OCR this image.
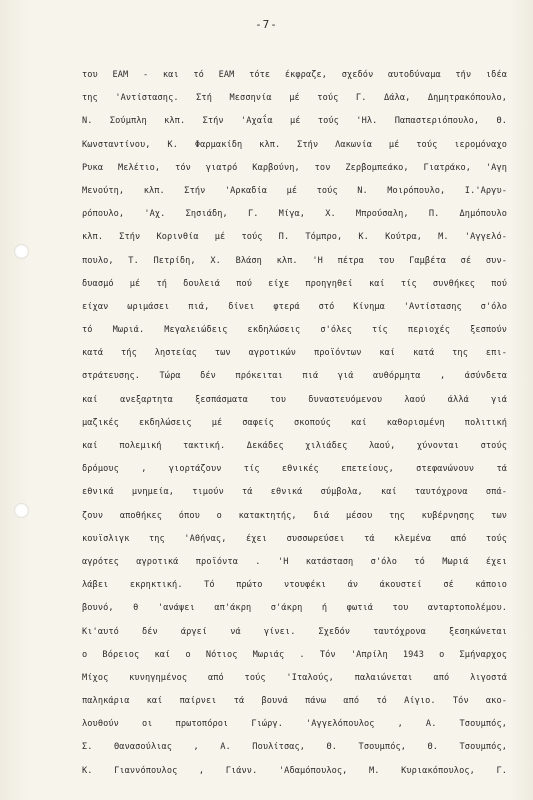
-7-
του ΕΑΜ - και τό ΕΑΜ τότε έκφραζε, σχεδόν αυτοδύναμα τήν ιδέα
της 'Αντίστασης. Στή Μεσσηνία μέ τούς Γ. Δάλα, Δημητρακόπουλο,
Ν. Σούμπλη κλπ. Στήν 'Αχαΐα μέ τούς 'Ηλ. Παπαστεριόπουλο, Θ.
Κωνσταντίνου, Κ. Φαρμακίδη κλπ. Στήν Λακωνία μέ τούς ιερομόναχο
Ρυκα Μελέτιο, τόν γιατρό Καρβούνη, τον Ζερβομπεάκο, Γιατράκο, 'Αγη
Μενούτη, κλπ. Στήν 'Αρκαδία μέ τούς Ν. Μοιρόπουλο, Ι.'Αργυ-
ρόπουλο, 'Αχ. Σησιάδη, Γ. Μίγα, Χ. Μπρούσαλη, Π. Δημόπουλο
κλπ. Στήν Κορινθία μέ τούς Π. Τόμπρο, Κ. Κούτρα, Μ. 'Αγγελό-
πουλο, Τ. Πετρίδη, Χ. Βλάση κλπ. 'Η πέτρα του Γαμβέτα σέ συν-
δυασμό μέ τή δουλειά πού είχε προηγηθεί καί τίς συνθήκες πού
είχαν ωριμάσει πιά, δίνει φτερά στό Κίνημα 'Αντίστασης σ'όλο
τό Μωριά. Μεγαλειώδεις εκδηλώσεις σ'όλες τίς περιοχές ξεσπούν
κατά τής ληστείας των αγροτικών προϊόντων καί κατά της επι-
στράτευσης. Τώρα δέν πρόκειται πιά γιά αυθόρμητα , άσύνδετα
καί ανεξαρτητα ξεσπάσματα του δυναστευόμενου λαού άλλά γιά
μαζικές εκδηλώσεις μέ σαφείς σκοπούς καί καθορισμένη πολιτική
καί πολεμική τακτική. Δεκάδες χιλιάδες λαού, χύνονται στούς
δρόμους , γιορτάζουν τίς εθνικές επετείους, στεφανώνουν τά
εθνικά μνημεία, τιμούν τά εθνικά σύμβολα, καί ταυτόχρονα σπά-
ζουν αποθήκες όπου ο κατακτητής, διά μέσου της κυβέρνησης των
κουϊσλιγκ της 'Αθήνας, έχει συσσωρεύσει τά κλεμένα από τούς
αγρότες αγροτικά προϊόντα . 'Η κατάσταση σ'όλο τό Μωριά έχει
λάβει εκρηκτική. Τό πρώτο ντουφέκι άν άκουστεί σέ κάποιο
βουνό, θ 'ανάψει απ'άκρη σ'άκρη ή φωτιά του ανταρτοπολέμου.
Κι'αυτό δέν άργεί νά γίνει. Σχεδόν ταυτόχρονα ξεσηκώνεται
ο Βόρειος καί ο Νότιος Μωριάς . Τόν 'Απρίλη 1943 ο Σμήναρχος
Μίχος κυνηγημένος από τούς 'Ιταλούς, παλαιώνεται από λιγοστά
παληκάρια καί παίρνει τά βουνά πάνω από τό Αίγιο. Τόν ακο-
λουθούν οι πρωτοπόροι Γιώργ. 'Αγγελόπουλος , Α. Τσουμπός,
Σ. Θανασούλιας , Α. Πουλίτσας, Θ. Τσουμπός, Θ. Τσουμπός,
Κ. Γιαννόπουλος , Γιάνν. 'Αδαμόπουλος, Μ. Κυριακόπουλος, Γ.
